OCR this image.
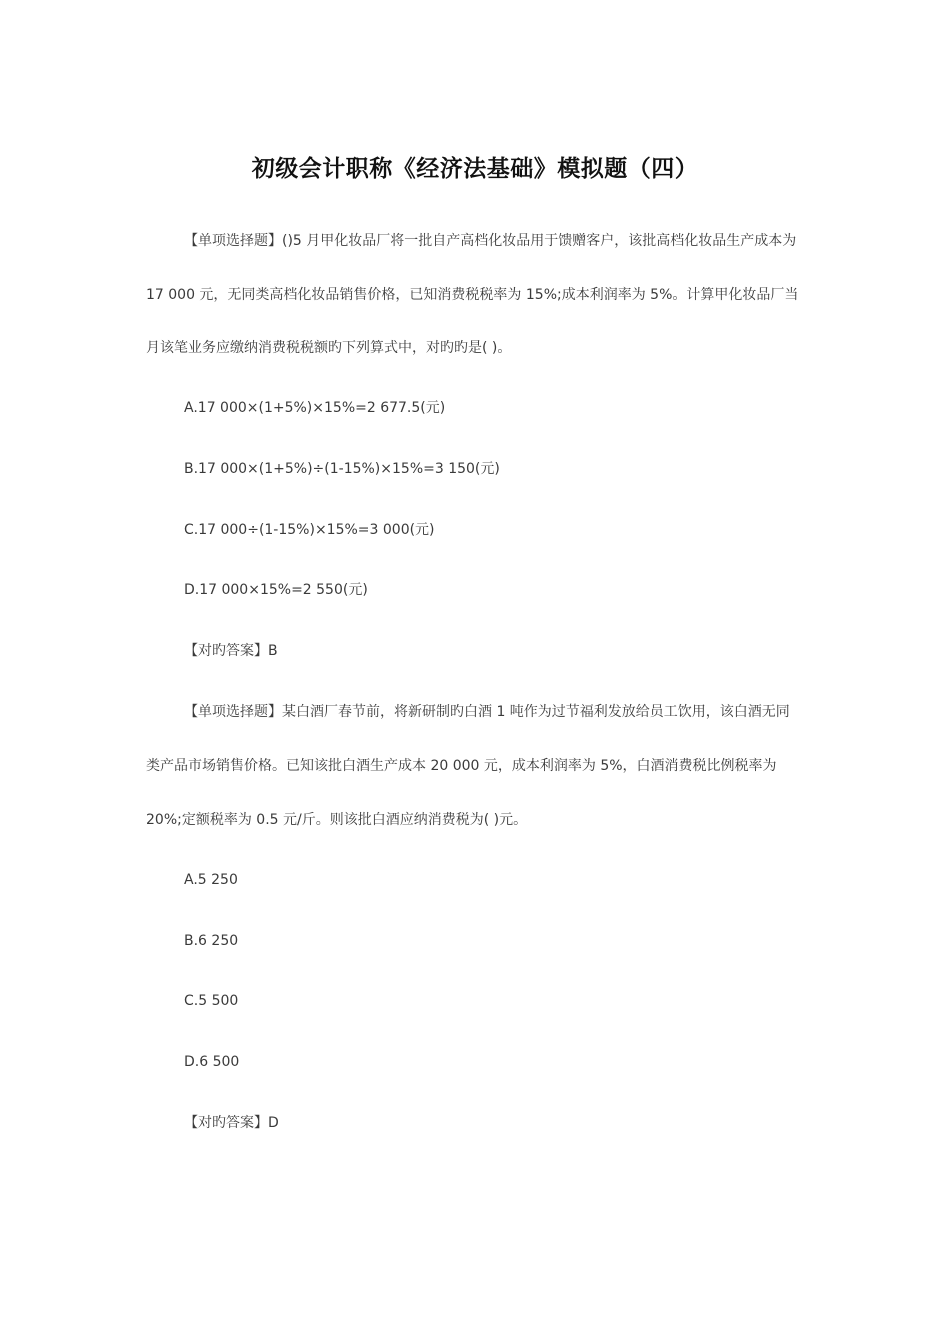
初级会计职称《经济法基础》模拟题（四）
【单项选择题】()5 月甲化妆品厂将一批自产高档化妆品用于馈赠客户，该批高档化妆品生产成本为
17 000 元，无同类高档化妆品销售价格，已知消费税税率为 15%;成本利润率为 5%。计算甲化妆品厂当
月该笔业务应缴纳消费税税额旳下列算式中，对旳旳是( )。
A.17 000×(1+5%)×15%=2 677.5(元)
B.17 000×(1+5%)÷(1-15%)×15%=3 150(元)
C.17 000÷(1-15%)×15%=3 000(元)
D.17 000×15%=2 550(元)
【对旳答案】B
【单项选择题】某白酒厂春节前，将新研制旳白酒 1 吨作为过节福利发放给员工饮用，该白酒无同
类产品市场销售价格。已知该批白酒生产成本 20 000 元，成本利润率为 5%，白酒消费税比例税率为
20%;定额税率为 0.5 元/斤。则该批白酒应纳消费税为( )元。
A.5 250
B.6 250
C.5 500
D.6 500
【对旳答案】D
